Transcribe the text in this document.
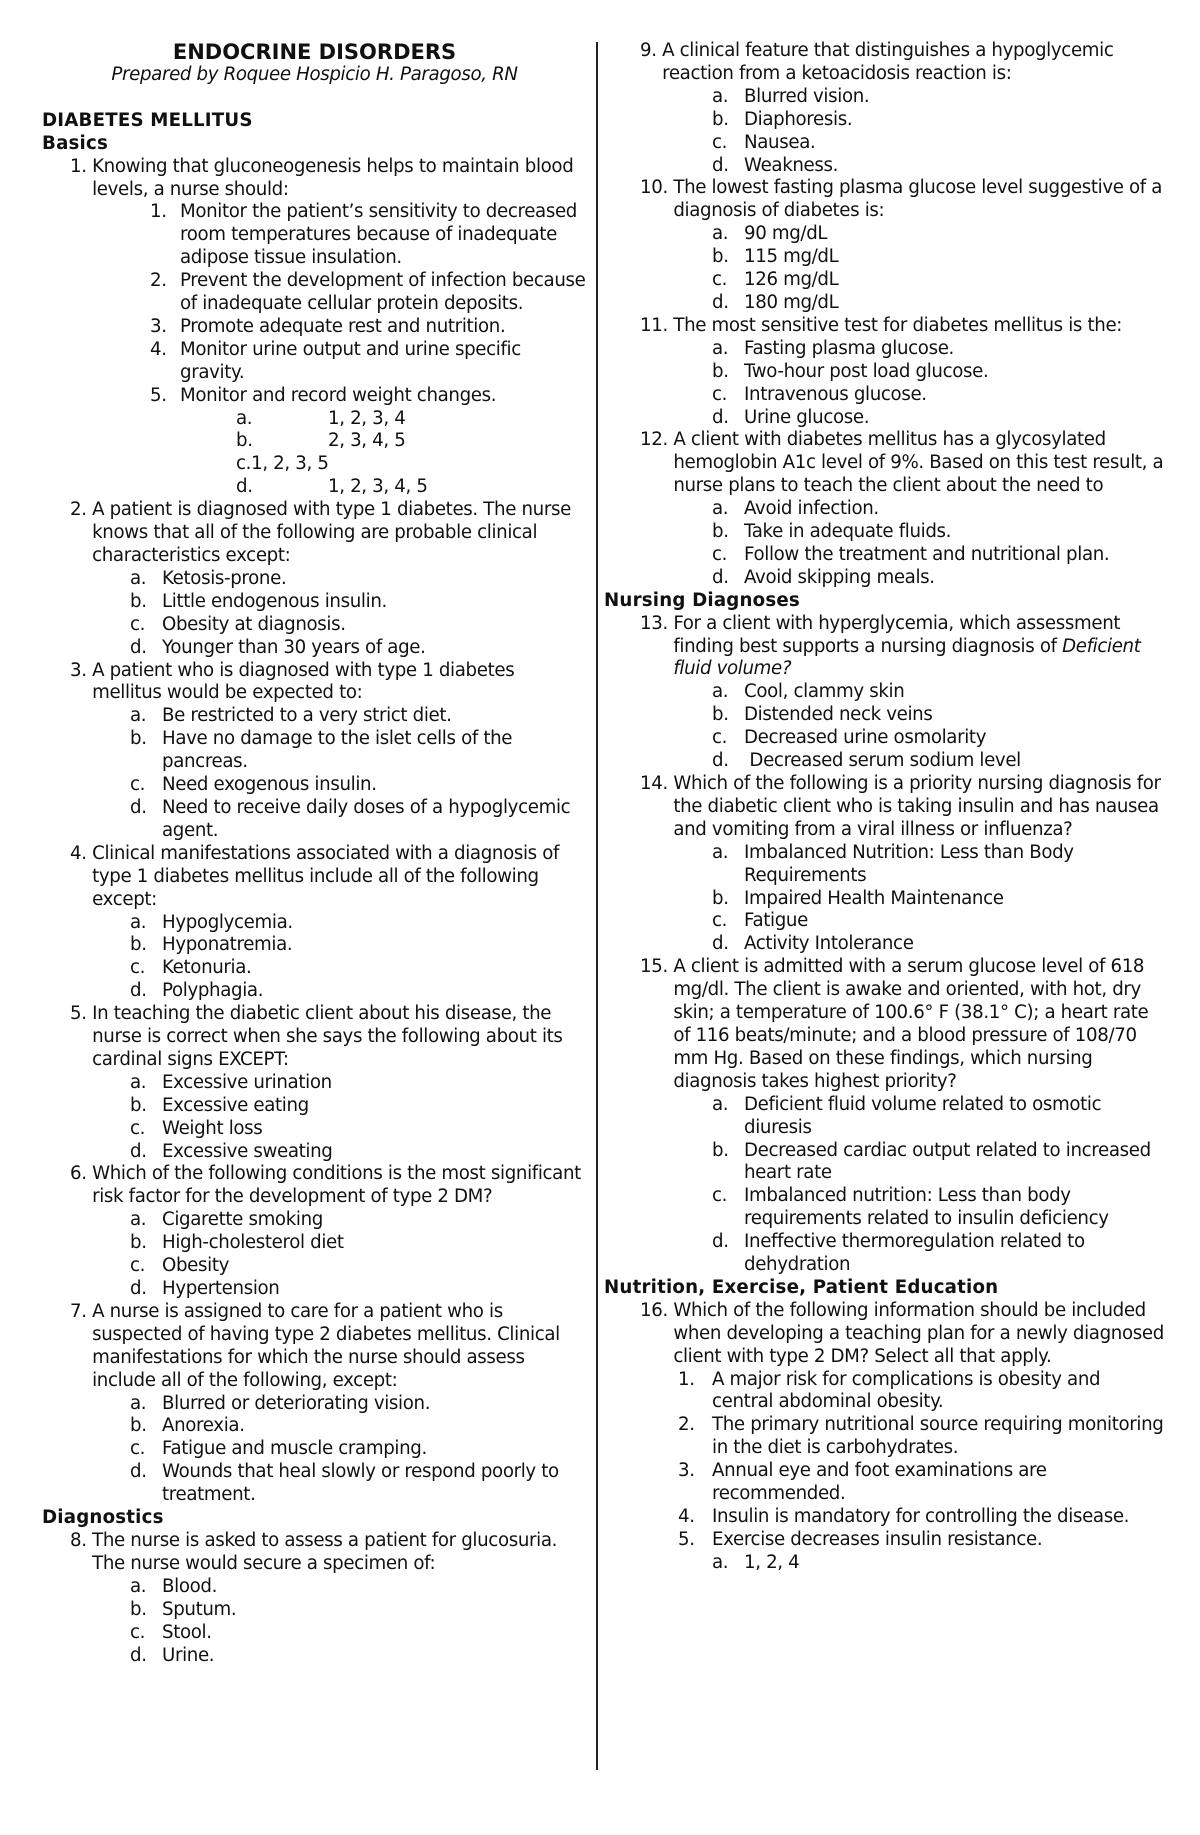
ENDOCRINE DISORDERS
Prepared by Roquee Hospicio H. Paragoso, RN
DIABETES MELLITUS
Basics
1.
Knowing that gluconeogenesis helps to maintain blood levels, a nurse should:
1. Monitor the patient’s sensitivity to decreased room temperatures because of inadequate adipose tissue insulation.
2. Prevent the development of infection because of inadequate cellular protein deposits.
3. Promote adequate rest and nutrition.
4. Monitor urine output and urine specific gravity.
5. Monitor and record weight changes.
a.	1, 2, 3, 4
b.	2, 3, 4, 5
c.1, 2, 3, 5
d.	1, 2, 3, 4, 5
2.
A patient is diagnosed with type 1 diabetes. The nurse knows that all of the following are probable clinical characteristics except:
a. Ketosis-prone.
b. Little endogenous insulin.
c. Obesity at diagnosis.
d. Younger than 30 years of age.
3.
A patient who is diagnosed with type 1 diabetes mellitus would be expected to:
a. Be restricted to a very strict diet.
b. Have no damage to the islet cells of the pancreas.
c. Need exogenous insulin.
d. Need to receive daily doses of a hypoglycemic agent.
4.
Clinical manifestations associated with a diagnosis of type 1 diabetes mellitus include all of the following except:
a. Hypoglycemia.
b. Hyponatremia.
c. Ketonuria.
d. Polyphagia.
5.
In teaching the diabetic client about his disease, the nurse is correct when she says the following about its cardinal signs EXCEPT:
a. Excessive urination
b. Excessive eating
c. Weight loss
d. Excessive sweating
6.
Which of the following conditions is the most significant risk factor for the development of type 2 DM?
a. Cigarette smoking
b. High-cholesterol diet
c. Obesity
d. Hypertension
7.
A nurse is assigned to care for a patient who is suspected of having type 2 diabetes mellitus. Clinical manifestations for which the nurse should assess include all of the following, except:
a. Blurred or deteriorating vision.
b. Anorexia.
c. Fatigue and muscle cramping.
d. Wounds that heal slowly or respond poorly to treatment.
Diagnostics
8.
The nurse is asked to assess a patient for glucosuria. The nurse would secure a specimen of:
a. Blood.
b. Sputum.
c. Stool.
d. Urine.
9.
A clinical feature that distinguishes a hypoglycemic reaction from a ketoacidosis reaction is:
a. Blurred vision.
b. Diaphoresis.
c. Nausea.
d. Weakness.
10.
The lowest fasting plasma glucose level suggestive of a diagnosis of diabetes is:
a. 90 mg/dL
b. 115 mg/dL
c. 126 mg/dL
d. 180 mg/dL
11.
The most sensitive test for diabetes mellitus is the:
a. Fasting plasma glucose.
b. Two-hour post load glucose.
c. Intravenous glucose.
d. Urine glucose.
12.
A client with diabetes mellitus has a glycosylated hemoglobin A1c level of 9%. Based on this test result, a nurse plans to teach the client about the need to
a. Avoid infection.
b. Take in adequate fluids.
c. Follow the treatment and nutritional plan.
d. Avoid skipping meals.
Nursing Diagnoses
13.
For a client with hyperglycemia, which assessment finding best supports a nursing diagnosis of Deficient fluid volume?
a. Cool, clammy skin
b. Distended neck veins
c. Decreased urine osmolarity
d. Decreased serum sodium level
14.
Which of the following is a priority nursing diagnosis for the diabetic client who is taking insulin and has nausea and vomiting from a viral illness or influenza?
a. Imbalanced Nutrition: Less than Body Requirements
b. Impaired Health Maintenance
c. Fatigue
d. Activity Intolerance
15.
A client is admitted with a serum glucose level of 618 mg/dl. The client is awake and oriented, with hot, dry skin; a temperature of 100.6° F (38.1° C); a heart rate of 116 beats/minute; and a blood pressure of 108/70 mm Hg. Based on these findings, which nursing diagnosis takes highest priority?
a. Deficient fluid volume related to osmotic diuresis
b. Decreased cardiac output related to increased heart rate
c. Imbalanced nutrition: Less than body requirements related to insulin deficiency
d. Ineffective thermoregulation related to dehydration
Nutrition, Exercise, Patient Education
16.
Which of the following information should be included when developing a teaching plan for a newly diagnosed client with type 2 DM? Select all that apply.
1. A major risk for complications is obesity and central abdominal obesity.
2. The primary nutritional source requiring monitoring in the diet is carbohydrates.
3. Annual eye and foot examinations are recommended.
4. Insulin is mandatory for controlling the disease.
5. Exercise decreases insulin resistance.
a. 1, 2, 4
